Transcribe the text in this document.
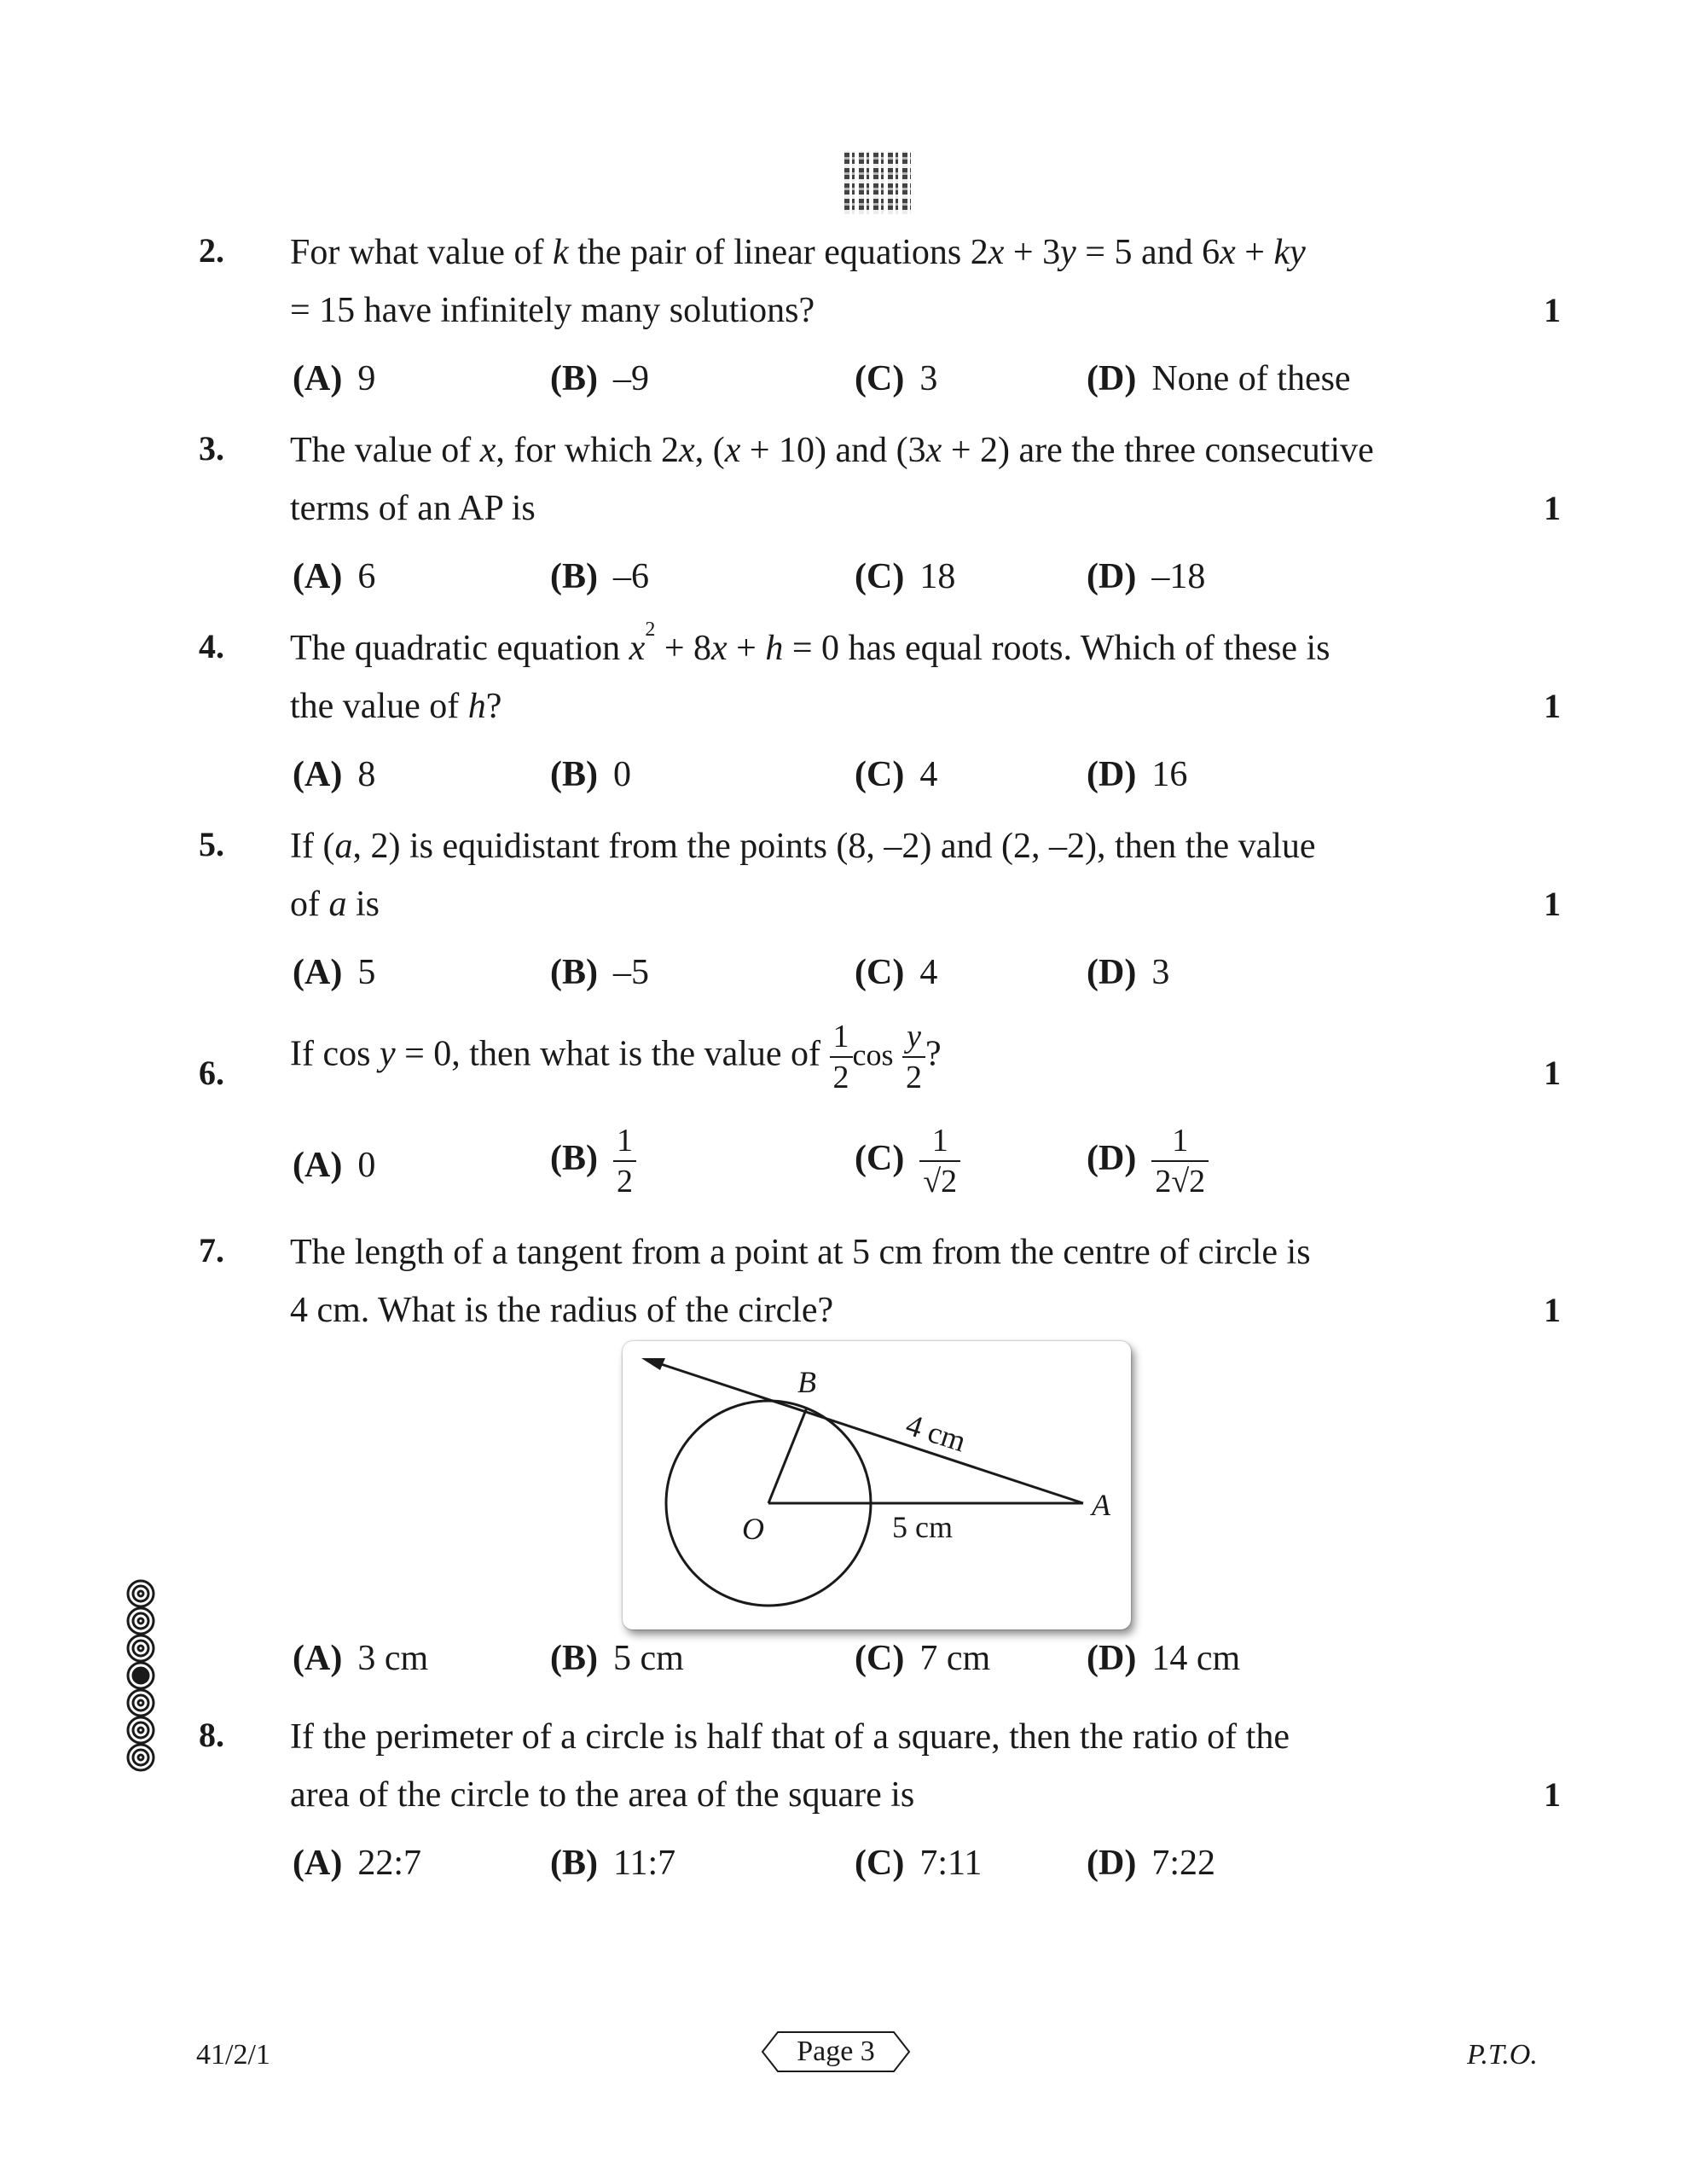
2. For what value of k the pair of linear equations 2x + 3y = 5 and 6x + ky
= 15 have infinitely many solutions?	1
(A) 9	(B) –9	(C) 3	(D) None of these
3. The value of x, for which 2x, (x + 10) and (3x + 2) are the three consecutive
terms of an AP is	1
(A) 6	(B) –6	(C) 18	(D) –18
4. The quadratic equation $x^2 + 8x + h = 0$ has equal roots. Which of these is
the value of h?	1
(A) 8	(B) 0	(C) 4	(D) 16
5. If (a, 2) is equidistant from the points (8, –2) and (2, –2), then the value
of a is	1
(A) 5	(B) –5	(C) 4	(D) 3
6. If cos y = 0, then what is the value of $\frac{1}{2}$ $\cos \frac{y}{2}$ ?	1
(A) 0	$(B) \frac{1}{2}$	$(C) \frac{1}{√2}$	$(D) \frac{1}{2√2}$
7. The length of a tangent from a point at 5 cm from the centre of circle is
4 cm. What is the radius of the circle?	1
B
O
A
4 cm
5 cm
(A) 3 cm	(B) 5 cm	(C) 7 cm	(D) 14 cm
8. If the perimeter of a circle is half that of a square, then the ratio of the
area of the circle to the area of the square is	1
(A) 22:7	(B) 11:7	(C) 7:11	(D) 7:22
41/2/1	Page 3	P.T.O.
